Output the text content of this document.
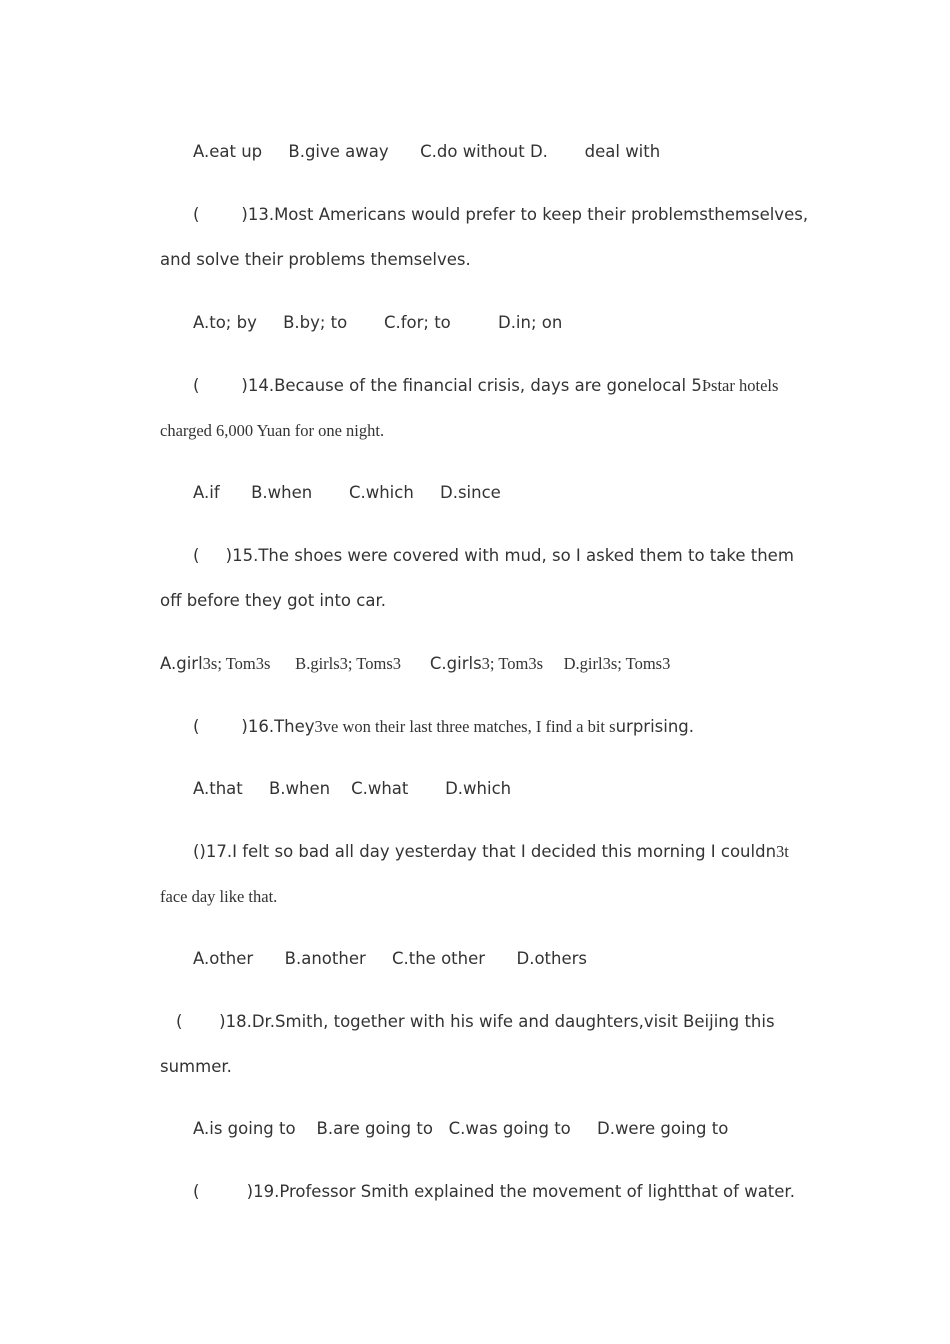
A.eat up     B.give away      C.do without D.       deal with

(        )13.Most Americans would prefer to keep their problemsthemselves,

and solve their problems themselves.

A.to; by     B.by; to       C.for; to         D.in; on

(        )14.Because of the financial crisis, days are gonelocal 5Þstar hotels

charged 6,000 Yuan for one night.

A.if      B.when       C.which     D.since

(     )15.The shoes were covered with mud, so I asked them to take them

off before they got into car.

A.girl3s; Tom3s      B.girls3; Toms3       C.girls3; Tom3s     D.girl3s; Toms3

(        )16.They3ve won their last three matches, I find a bit surprising.

A.that     B.when    C.what       D.which

()17.I felt so bad all day yesterday that I decided this morning I couldn3t

face day like that.

A.other      B.another     C.the other      D.others

(       )18.Dr.Smith, together with his wife and daughters,visit Beijing this

summer.

A.is going to    B.are going to   C.was going to     D.were going to

(         )19.Professor Smith explained the movement of lightthat of water.
